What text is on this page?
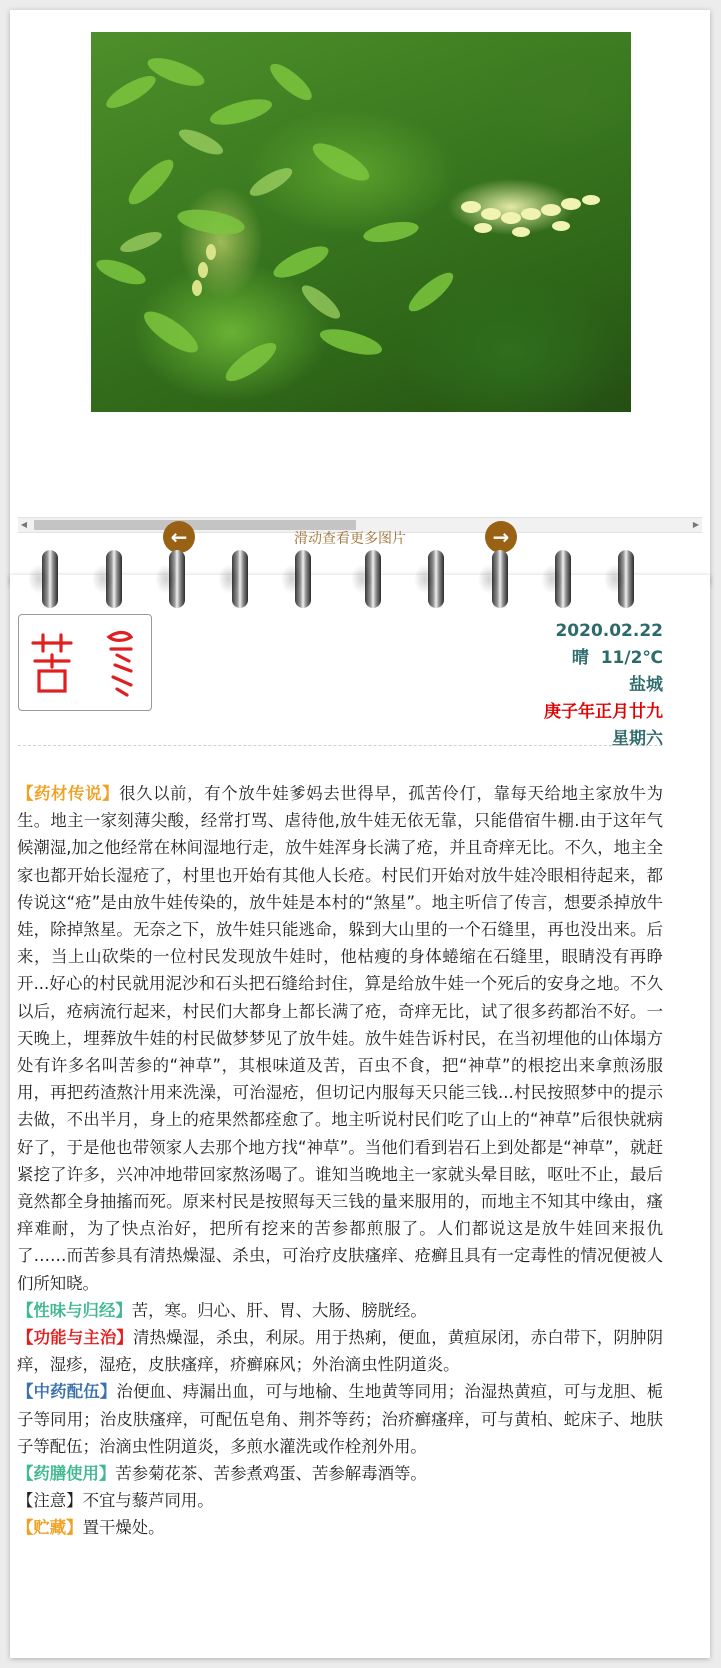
◀	▶
←	滑动查看更多图片	→
2020.02.22
晴  11/2℃
盐城
庚子年正月廿九
星期六

【药材传说】很久以前，有个放牛娃爹妈去世得早，孤苦伶仃，靠每天给地主家放牛为生。地主一家刻薄尖酸，经常打骂、虐待他,放牛娃无依无靠，只能借宿牛棚.由于这年气候潮湿,加之他经常在林间湿地行走，放牛娃浑身长满了疮，并且奇痒无比。不久，地主全家也都开始长湿疮了，村里也开始有其他人长疮。村民们开始对放牛娃冷眼相待起来，都传说这“疮”是由放牛娃传染的，放牛娃是本村的“煞星”。地主听信了传言，想要杀掉放牛娃，除掉煞星。无奈之下，放牛娃只能逃命，躲到大山里的一个石缝里，再也没出来。后来，当上山砍柴的一位村民发现放牛娃时，他枯瘦的身体蜷缩在石缝里，眼睛没有再睁开...好心的村民就用泥沙和石头把石缝给封住，算是给放牛娃一个死后的安身之地。不久以后，疮病流行起来，村民们大都身上都长满了疮，奇痒无比，试了很多药都治不好。一天晚上，埋葬放牛娃的村民做梦梦见了放牛娃。放牛娃告诉村民，在当初埋他的山体塌方处有许多名叫苦参的“神草”，其根味道及苦，百虫不食，把“神草”的根挖出来拿煎汤服用，再把药渣熬汁用来洗澡，可治湿疮，但切记内服每天只能三钱...村民按照梦中的提示去做，不出半月，身上的疮果然都痊愈了。地主听说村民们吃了山上的“神草”后很快就病好了，于是他也带领家人去那个地方找“神草”。当他们看到岩石上到处都是“神草”，就赶紧挖了许多，兴冲冲地带回家熬汤喝了。谁知当晚地主一家就头晕目眩，呕吐不止，最后竟然都全身抽搐而死。原来村民是按照每天三钱的量来服用的，而地主不知其中缘由，瘙痒难耐，为了快点治好，把所有挖来的苦参都煎服了。人们都说这是放牛娃回来报仇了……而苦参具有清热燥湿、杀虫，可治疗皮肤瘙痒、疮癣且具有一定毒性的情况便被人们所知晓。

【性味与归经】苦，寒。归心、肝、胃、大肠、膀胱经。

【功能与主治】清热燥湿，杀虫，利尿。用于热痢，便血，黄疸尿闭，赤白带下，阴肿阴痒，湿疹，湿疮，皮肤瘙痒，疥癣麻风；外治滴虫性阴道炎。

【中药配伍】治便血、痔漏出血，可与地榆、生地黄等同用；治湿热黄疸，可与龙胆、栀子等同用；治皮肤瘙痒，可配伍皂角、荆芥等药；治疥癣瘙痒，可与黄柏、蛇床子、地肤子等配伍；治滴虫性阴道炎，多煎水灌洗或作栓剂外用。

【药膳使用】苦参菊花茶、苦参煮鸡蛋、苦参解毒酒等。

【注意】不宜与藜芦同用。

【贮藏】置干燥处。
